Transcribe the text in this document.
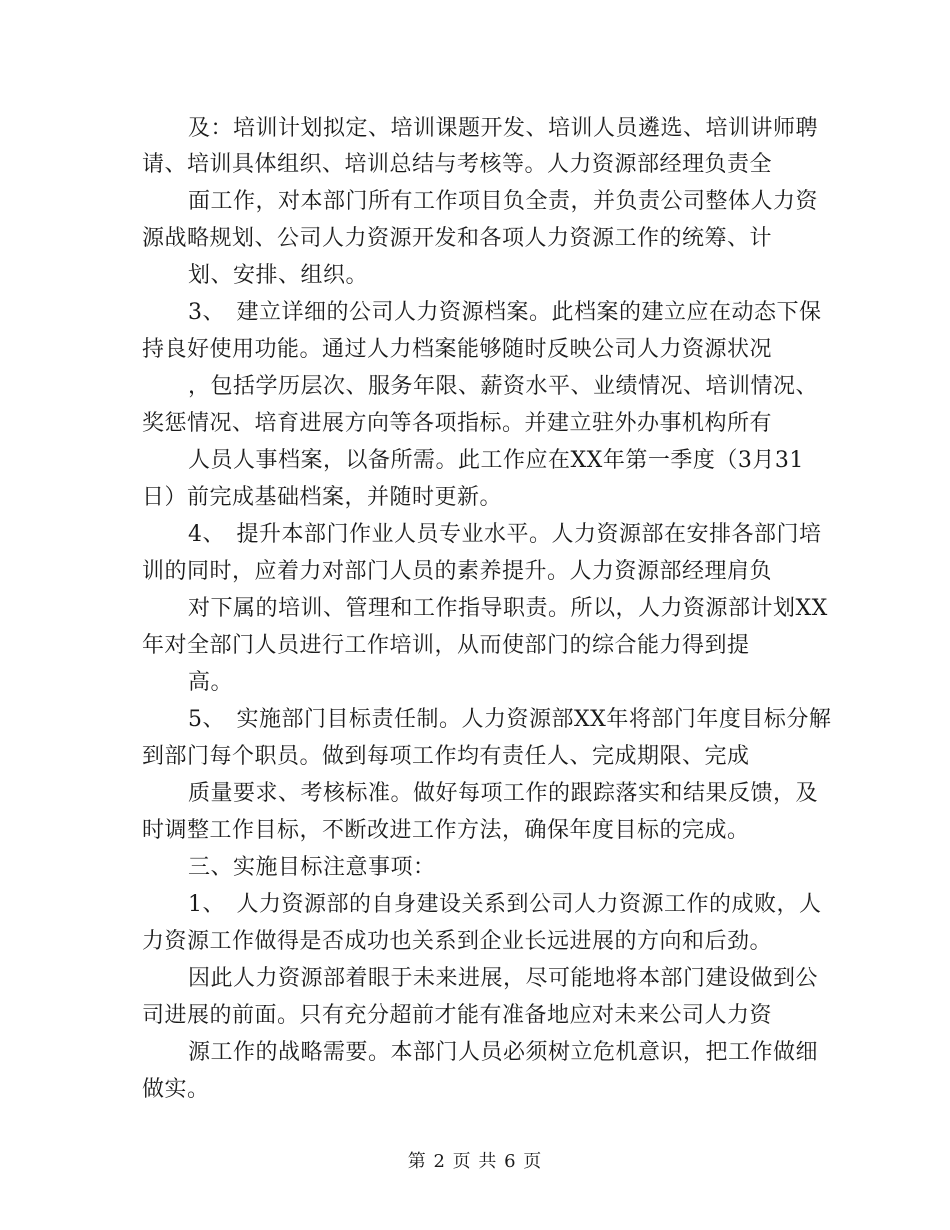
及：培训计划拟定、培训课题开发、培训人员遴选、培训讲师聘
请、培训具体组织、培训总结与考核等。人力资源部经理负责全
面工作，对本部门所有工作项目负全责，并负责公司整体人力资
源战略规划、公司人力资源开发和各项人力资源工作的统筹、计
划、安排、组织。
3、　建立详细的公司人力资源档案。此档案的建立应在动态下保
持良好使用功能。通过人力档案能够随时反映公司人力资源状况
，包括学历层次、服务年限、薪资水平、业绩情况、培训情况、
奖惩情况、培育进展方向等各项指标。并建立驻外办事机构所有
人员人事档案，以备所需。此工作应在XX年第一季度（3月31
日）前完成基础档案，并随时更新。
4、　提升本部门作业人员专业水平。人力资源部在安排各部门培
训的同时，应着力对部门人员的素养提升。人力资源部经理肩负
对下属的培训、管理和工作指导职责。所以，人力资源部计划XX
年对全部门人员进行工作培训，从而使部门的综合能力得到提
高。
5、　实施部门目标责任制。人力资源部XX年将部门年度目标分解
到部门每个职员。做到每项工作均有责任人、完成期限、完成
质量要求、考核标准。做好每项工作的跟踪落实和结果反馈，及
时调整工作目标，不断改进工作方法，确保年度目标的完成。
三、实施目标注意事项：
1、　人力资源部的自身建设关系到公司人力资源工作的成败，人
力资源工作做得是否成功也关系到企业长远进展的方向和后劲。
因此人力资源部着眼于未来进展，尽可能地将本部门建设做到公
司进展的前面。只有充分超前才能有准备地应对未来公司人力资
源工作的战略需要。本部门人员必须树立危机意识，把工作做细
做实。
第 2 页 共 6 页
